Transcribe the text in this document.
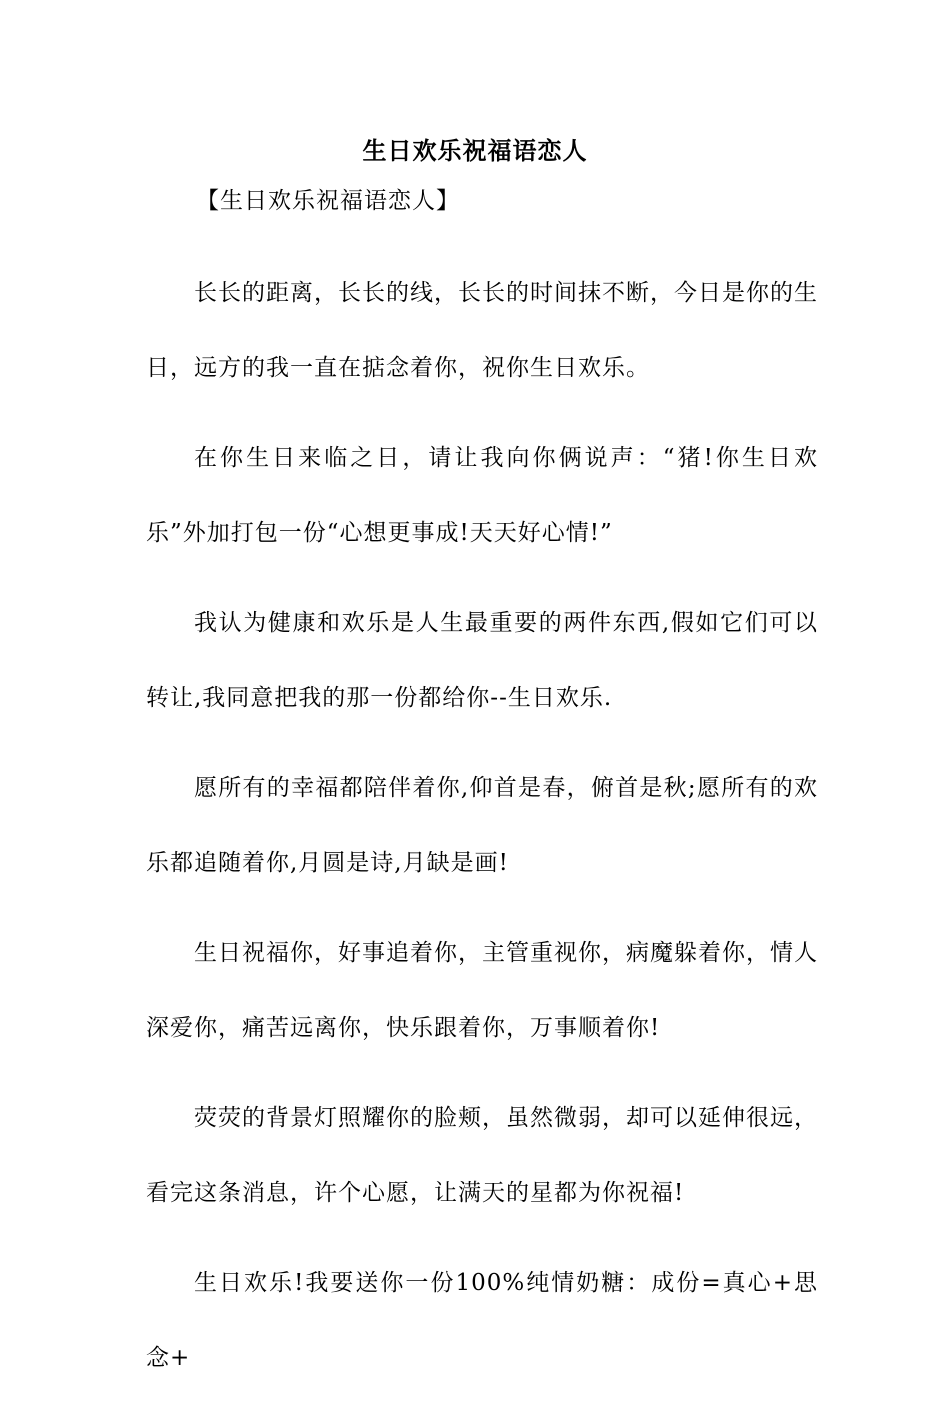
生日欢乐祝福语恋人
【生日欢乐祝福语恋人】

长长的距离，长长的线，长长的时间抹不断，今日是你的生日，远方的我一直在掂念着你，祝你生日欢乐。

在你生日来临之日，请让我向你俩说声：“猪!你生日欢乐”外加打包一份“心想更事成!天天好心情!”

我认为健康和欢乐是人生最重要的两件东西,假如它们可以转让,我同意把我的那一份都给你--生日欢乐.

愿所有的幸福都陪伴着你,仰首是春，俯首是秋;愿所有的欢乐都追随着你,月圆是诗,月缺是画!

生日祝福你，好事追着你，主管重视你，病魔躲着你，情人深爱你，痛苦远离你，快乐跟着你，万事顺着你!

荧荧的背景灯照耀你的脸颊，虽然微弱，却可以延伸很远，看完这条消息，许个心愿，让满天的星都为你祝福!

生日欢乐!我要送你一份100%纯情奶糖：成份=真心+思念+
